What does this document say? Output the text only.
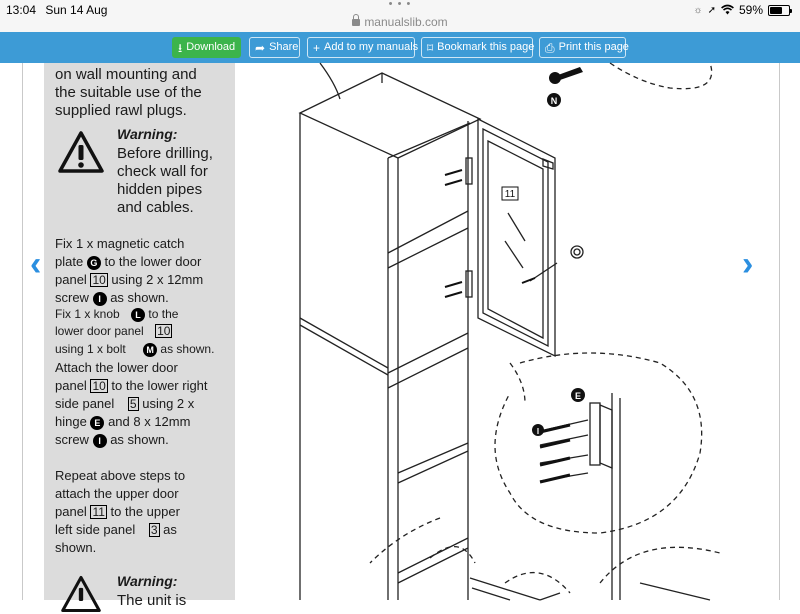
13:04 Sun 14 Aug	• • •
manualslib.com
☼ ➚ 59%
⭳ Download ➦ Share + Add to my manuals ⌑ Bookmark this page ⎙ Print this page
on wall mounting and
the suitable use of the
supplied rawl plugs.
Warning:
Before drilling,
check wall for
hidden pipes
and cables.
Fix 1 x magnetic catch
plate G to the lower door
panel 10 using 2 x 12mm
screw I as shown.
Fix 1 x knob L to the
lower door panel 10
using 1 x bolt M as shown.
Attach the lower door
panel 10 to the lower right
side panel 5 using 2 x
hinge E and 8 x 12mm
screw I as shown.
Repeat above steps to
attach the upper door
panel 11 to the upper
left side panel 3 as
shown.
Warning:
The unit is
N
11
E
I
‹	›
